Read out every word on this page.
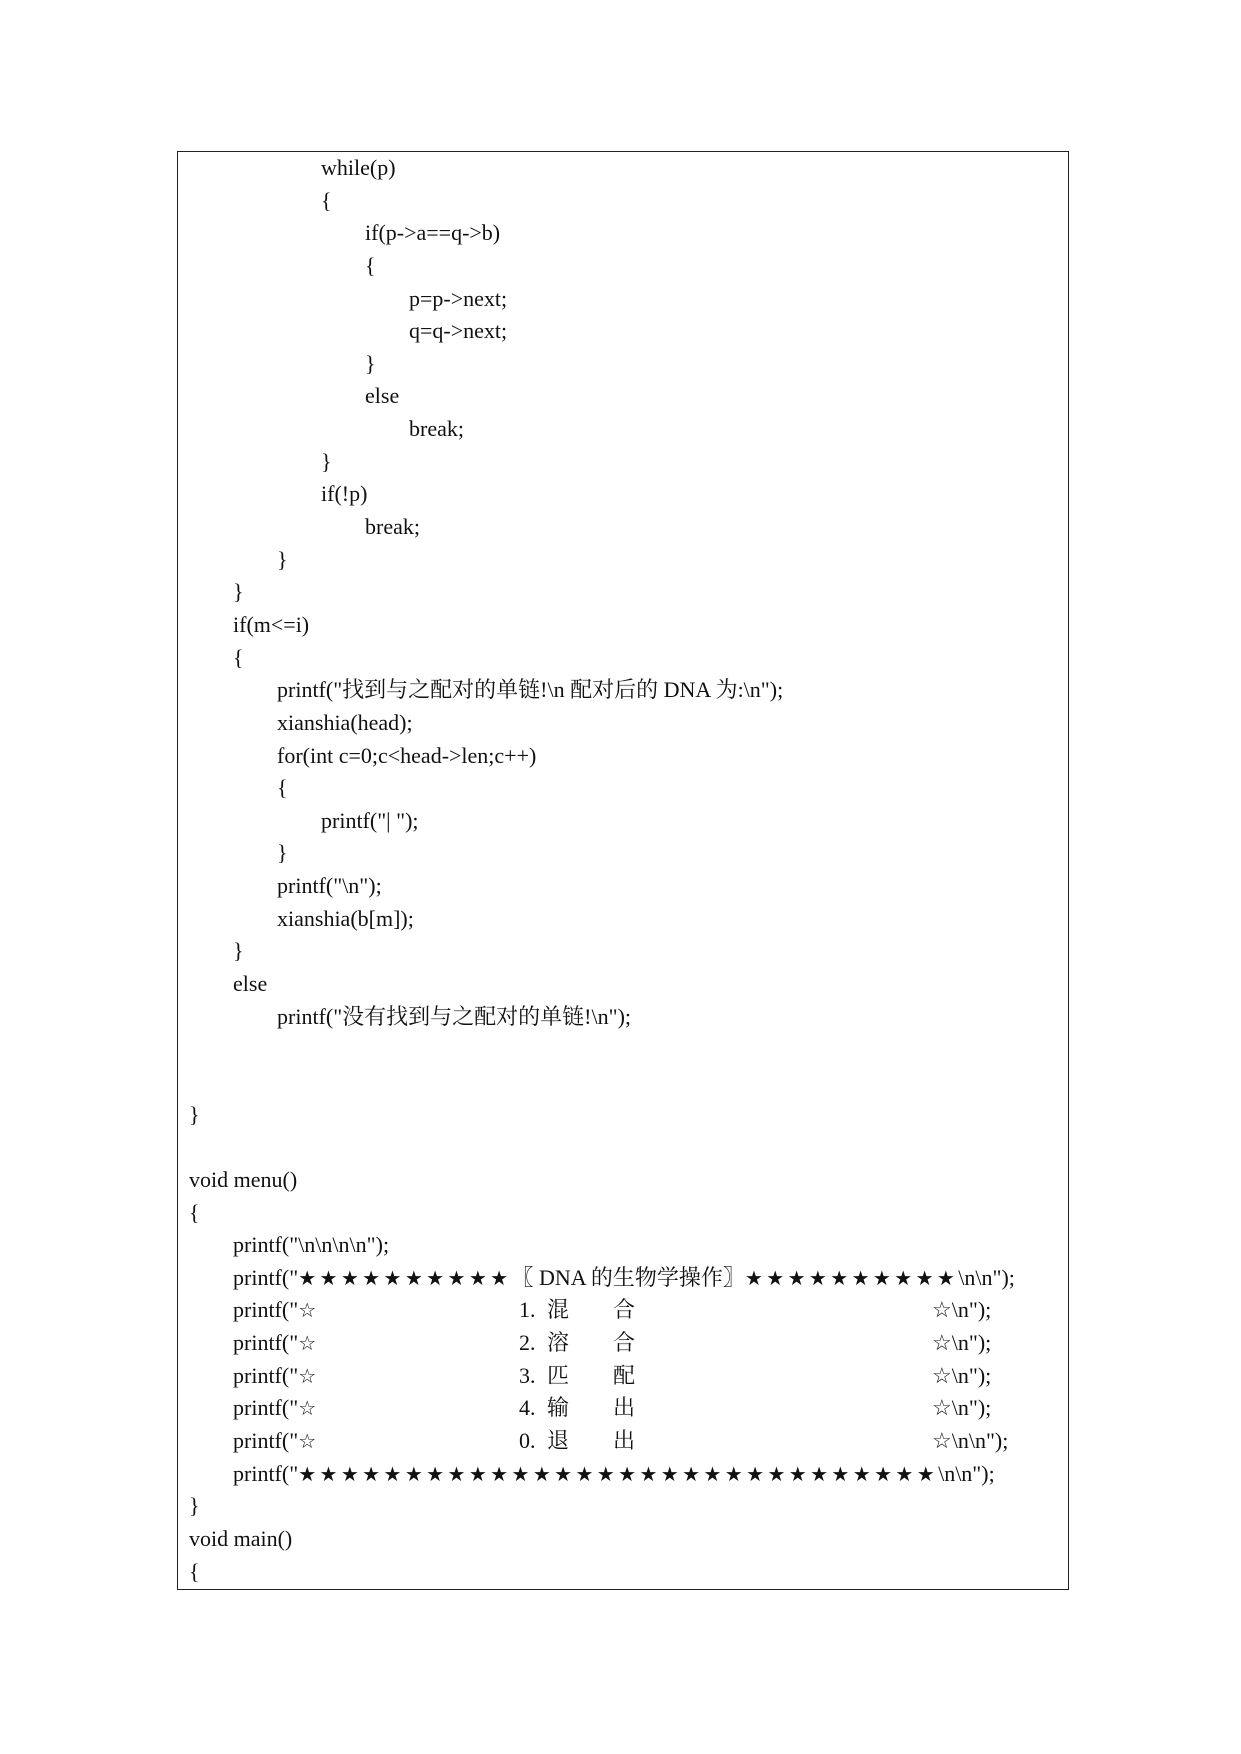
while(p)
{
if(p->a==q->b)
{
p=p->next;
q=q->next;
}
else
break;
}
if(!p)
break;
}
}
if(m<=i)
{
printf("找到与之配对的单链!\n 配对后的 DNA 为:\n");
xianshia(head);
for(int c=0;c<head->len;c++)
{
printf("| ");
}
printf("\n");
xianshia(b[m]);
}
else
printf("没有找到与之配对的单链!\n");
}
void menu()
{
printf("\n\n\n\n");
printf("★★★★★★★★★★〖 DNA 的生物学操作〗★★★★★★★★★★\n\n");

printf("☆

	1.

混

合

	☆\n");

printf("☆

	2.

溶

合

	☆\n");

printf("☆

	3.

匹

配

	☆\n");

printf("☆

	4.

输

出

	☆\n");

printf("☆

	0.

退

出

	☆\n\n");

printf("★★★★★★★★★★★★★★★★★★★★★★★★★★★★★★\n\n");
}
void main()
{
